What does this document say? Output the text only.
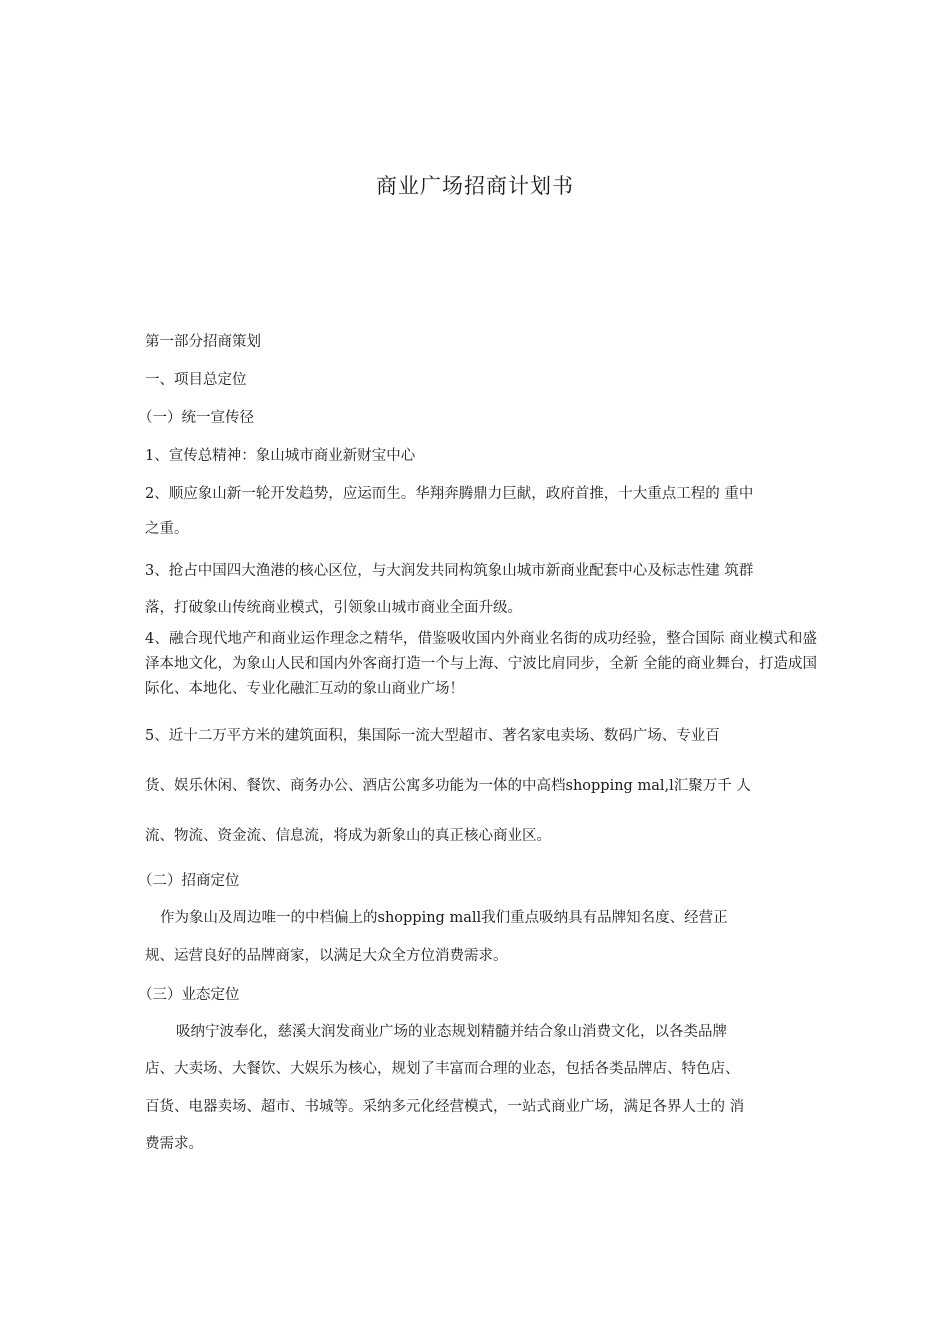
商业广场招商计划书

第一部分招商策划

一、项目总定位

（一）统一宣传径

1、宣传总精神：象山城市商业新财宝中心

2、顺应象山新一轮开发趋势，应运而生。华翔奔腾鼎力巨献，政府首推，十大重点工程的 重中

之重。

3、抢占中国四大渔港的核心区位，与大润发共同构筑象山城市新商业配套中心及标志性建 筑群

落，打破象山传统商业模式，引领象山城市商业全面升级。

4、融合现代地产和商业运作理念之精华，借鉴吸收国内外商业名街的成功经验，整合国际 商业模式和盛泽本地文化，为象山人民和国内外客商打造一个与上海、宁波比肩同步，全新 全能的商业舞台，打造成国际化、本地化、专业化融汇互动的象山商业广场！

5、近十二万平方米的建筑面积，集国际一流大型超市、著名家电卖场、数码广场、专业百

货、娱乐休闲、餐饮、商务办公、酒店公寓多功能为一体的中高档shopping mal,l汇聚万千 人

流、物流、资金流、信息流，将成为新象山的真正核心商业区。

（二）招商定位

作为象山及周边唯一的中档偏上的shopping mall我们重点吸纳具有品牌知名度、经营正

规、运营良好的品牌商家，以满足大众全方位消费需求。

（三）业态定位

吸纳宁波奉化，慈溪大润发商业广场的业态规划精髓并结合象山消费文化，以各类品牌

店、大卖场、大餐饮、大娱乐为核心，规划了丰富而合理的业态，包括各类品牌店、特色店、

百货、电器卖场、超市、书城等。采纳多元化经营模式，一站式商业广场，满足各界人士的 消

费需求。
